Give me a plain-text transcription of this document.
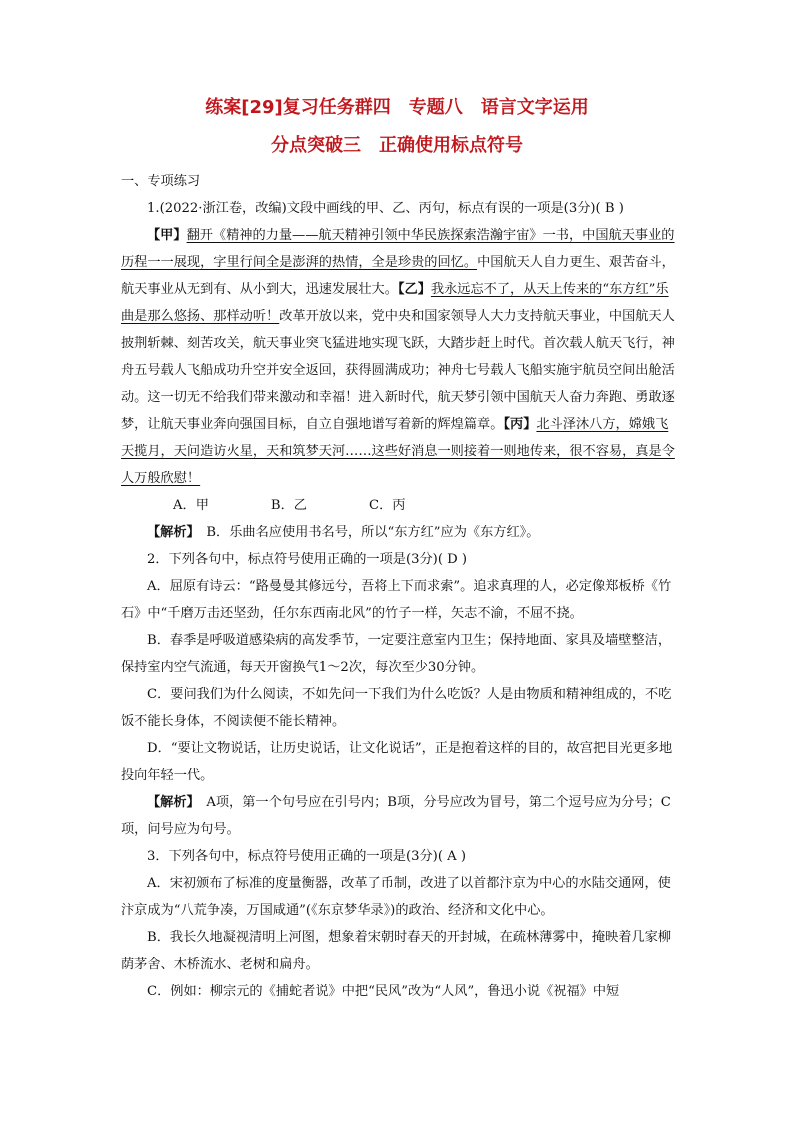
练案[29]复习任务群四　专题八　语言文字运用
分点突破三　正确使用标点符号

一、专项练习

1.(2022·浙江卷，改编)文段中画线的甲、乙、丙句，标点有误的一项是(3分)( B )

【甲】翻开《精神的力量——航天精神引领中华民族探索浩瀚宇宙》一书，中国航天事业的历程一一展现，字里行间全是澎湃的热情，全是珍贵的回忆。中国航天人自力更生、艰苦奋斗，航天事业从无到有、从小到大，迅速发展壮大。【乙】我永远忘不了，从天上传来的“东方红”乐曲是那么悠扬、那样动听！改革开放以来，党中央和国家领导人大力支持航天事业，中国航天人披荆斩棘、刻苦攻关，航天事业突飞猛进地实现飞跃，大踏步赶上时代。首次载人航天飞行，神舟五号载人飞船成功升空并安全返回，获得圆满成功；神舟七号载人飞船实施宇航员空间出舱活动。这一切无不给我们带来激动和幸福！进入新时代，航天梦引领中国航天人奋力奔跑、勇敢逐梦，让航天事业奔向强国目标，自立自强地谱写着新的辉煌篇章。【丙】北斗泽沐八方，嫦娥飞天揽月，天问造访火星，天和筑梦天河……这些好消息一则接着一则地传来，很不容易，真是令人万般欣慰！

A．甲	B．乙	C．丙

【解析】　B．乐曲名应使用书名号，所以“东方红”应为《东方红》。

2．下列各句中，标点符号使用正确的一项是(3分)( D )

A．屈原有诗云：“路曼曼其修远兮，吾将上下而求索”。追求真理的人，必定像郑板桥《竹石》中“千磨万击还坚劲，任尔东西南北风”的竹子一样，矢志不渝，不屈不挠。

B．春季是呼吸道感染病的高发季节，一定要注意室内卫生；保持地面、家具及墙壁整洁，保持室内空气流通，每天开窗换气1～2次，每次至少30分钟。

C．要问我们为什么阅读，不如先问一下我们为什么吃饭？人是由物质和精神组成的，不吃饭不能长身体，不阅读便不能长精神。

D．“要让文物说话，让历史说话，让文化说话”，正是抱着这样的目的，故宫把目光更多地投向年轻一代。

【解析】　A项，第一个句号应在引号内；B项，分号应改为冒号，第二个逗号应为分号；C项，问号应为句号。

3．下列各句中，标点符号使用正确的一项是(3分)( A )

A．宋初颁布了标准的度量衡器，改革了币制，改进了以首都汴京为中心的水陆交通网，使汴京成为“八荒争凑，万国咸通”(《东京梦华录》)的政治、经济和文化中心。

B．我长久地凝视清明上河图，想象着宋朝时春天的开封城，在疏林薄雾中，掩映着几家柳荫茅舍、木桥流水、老树和扁舟。

C．例如：柳宗元的《捕蛇者说》中把“民风”改为“人风”，鲁迅小说《祝福》中短
